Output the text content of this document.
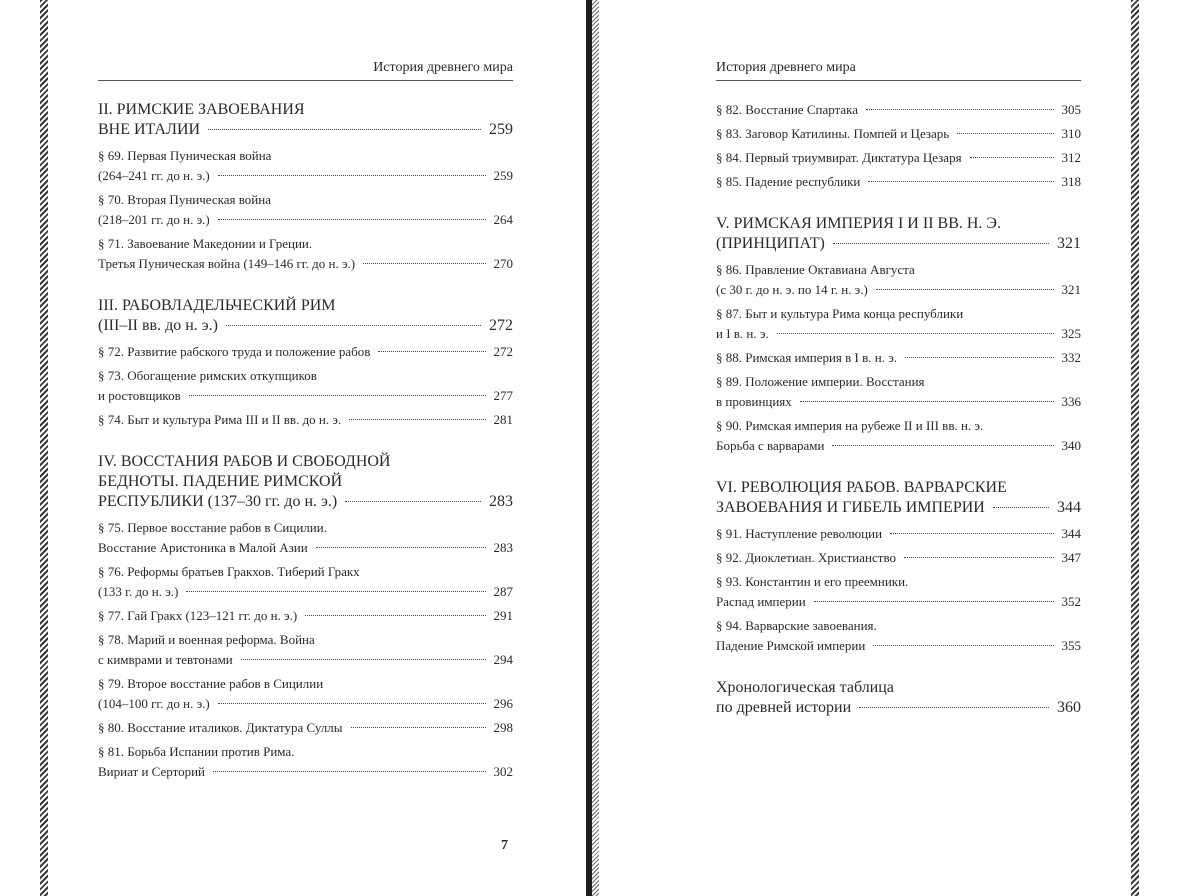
История древнего мира
II. РИМСКИЕ ЗАВОЕВАНИЯ
ВНЕ ИТАЛИИ	259
§ 69. Первая Пуническая война
(264–241 гг. до н. э.)	259
§ 70. Вторая Пуническая война
(218–201 гг. до н. э.)	264
§ 71. Завоевание Македонии и Греции.
Третья Пуническая война (149–146 гг. до н. э.)	270
III. РАБОВЛАДЕЛЬЧЕСКИЙ РИМ
(III–II вв. до н. э.)	272
§ 72. Развитие рабского труда и положение рабов	272
§ 73. Обогащение римских откупщиков
и ростовщиков	277
§ 74. Быт и культура Рима III и II вв. до н. э.	281
IV. ВОССТАНИЯ РАБОВ И СВОБОДНОЙ
БЕДНОТЫ. ПАДЕНИЕ РИМСКОЙ
РЕСПУБЛИКИ (137–30 гг. до н. э.)	283
§ 75. Первое восстание рабов в Сицилии.
Восстание Аристоника в Малой Азии	283
§ 76. Реформы братьев Гракхов. Тиберий Гракх
(133 г. до н. э.)	287
§ 77. Гай Гракх (123–121 гг. до н. э.)	291
§ 78. Марий и военная реформа. Война
с кимврами и тевтонами	294
§ 79. Второе восстание рабов в Сицилии
(104–100 гг. до н. э.)	296
§ 80. Восстание италиков. Диктатура Суллы	298
§ 81. Борьба Испании против Рима.
Вириат и Серторий	302
7
История древнего мира
§ 82. Восстание Спартака	305
§ 83. Заговор Катилины. Помпей и Цезарь	310
§ 84. Первый триумвират. Диктатура Цезаря	312
§ 85. Падение республики	318
V. РИМСКАЯ ИМПЕРИЯ I И II ВВ. Н. Э.
(ПРИНЦИПАТ)	321
§ 86. Правление Октавиана Августа
(с 30 г. до н. э. по 14 г. н. э.)	321
§ 87. Быт и культура Рима конца республики
и I в. н. э.	325
§ 88. Римская империя в I в. н. э.	332
§ 89. Положение империи. Восстания
в провинциях	336
§ 90. Римская империя на рубеже II и III вв. н. э.
Борьба с варварами	340
VI. РЕВОЛЮЦИЯ РАБОВ. ВАРВАРСКИЕ
ЗАВОЕВАНИЯ И ГИБЕЛЬ ИМПЕРИИ	344
§ 91. Наступление революции	344
§ 92. Диоклетиан. Христианство	347
§ 93. Константин и его преемники.
Распад империи	352
§ 94. Варварские завоевания.
Падение Римской империи	355
Хронологическая таблица
по древней истории	360
